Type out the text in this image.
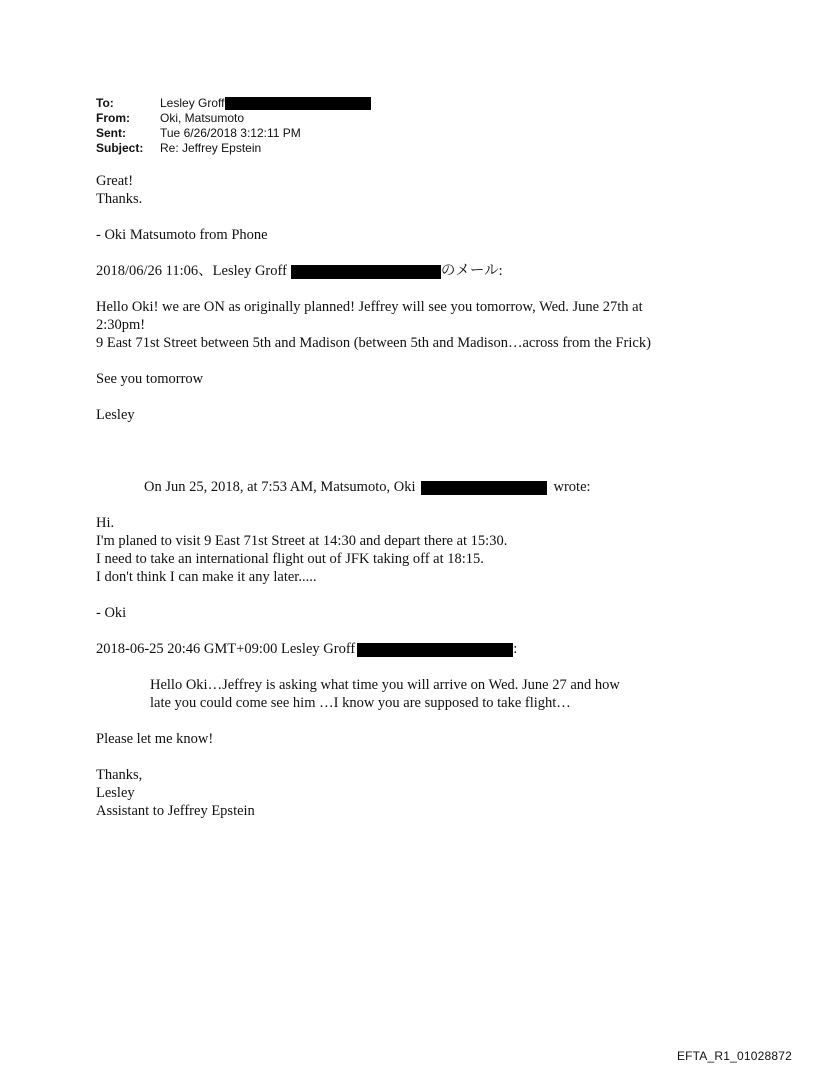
To:	Lesley Groff
From:	Oki, Matsumoto
Sent:	Tue 6/26/2018 3:12:11 PM
Subject:	Re: Jeffrey Epstein

Great!

Thanks.

- Oki Matsumoto from Phone

2018/06/26 11:06、Lesley Groff	のメール:

Hello Oki! we are ON as originally planned! Jeffrey will see you tomorrow, Wed. June 27th at

2:30pm!

9 East 71st Street between 5th and Madison (between 5th and Madison…across from the Frick)

See you tomorrow

Lesley

On Jun 25, 2018, at 7:53 AM, Matsumoto, Oki	wrote:

Hi.

I'm planed to visit 9 East 71st Street at 14:30 and depart there at 15:30.

I need to take an international flight out of JFK taking off at 18:15.

I don't think I can make it any later.....

- Oki

2018-06-25 20:46 GMT+09:00 Lesley Groff	:

Hello Oki…Jeffrey is asking what time you will arrive on Wed. June 27 and how

late you could come see him …I know you are supposed to take flight…

Please let me know!

Thanks,

Lesley

Assistant to Jeffrey Epstein

EFTA_R1_01028872
